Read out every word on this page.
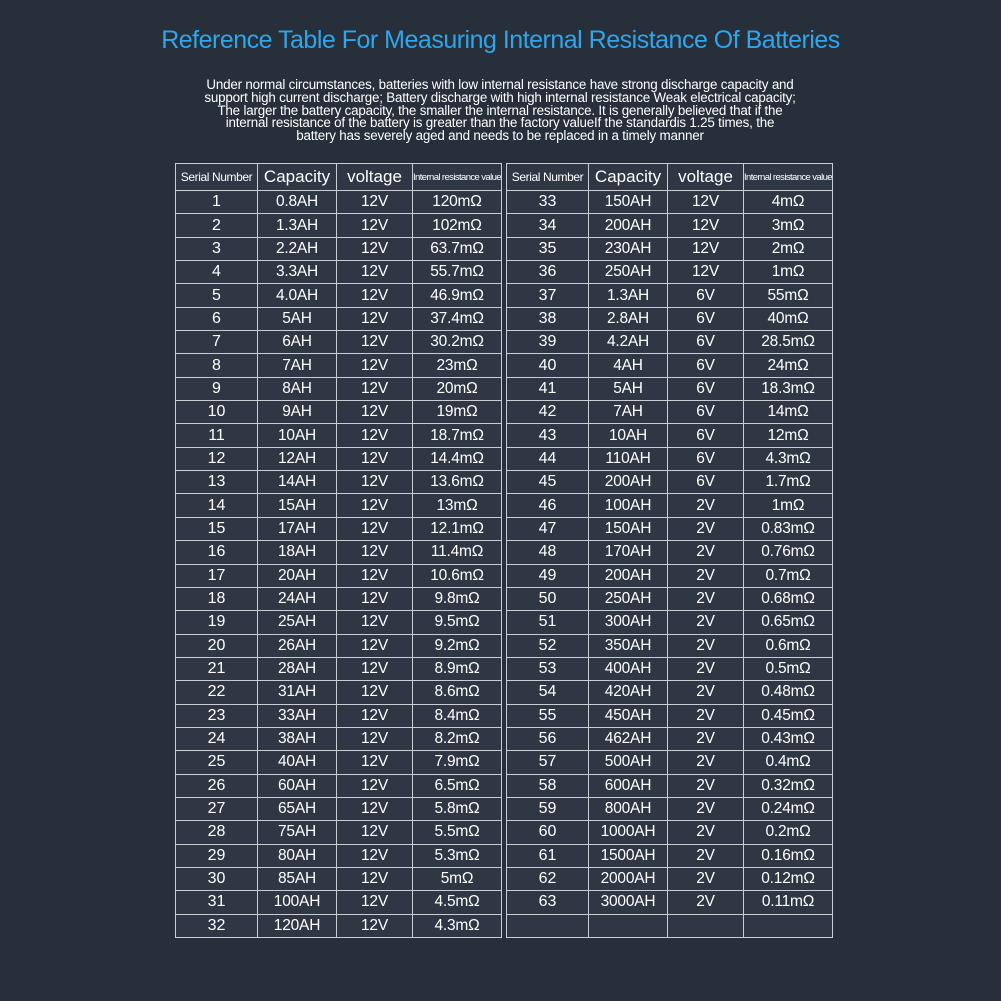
Reference Table For Measuring Internal Resistance Of Batteries
Under normal circumstances, batteries with low internal resistance have strong discharge capacity and
support high current discharge; Battery discharge with high internal resistance Weak electrical capacity;
The larger the battery capacity, the smaller the internal resistance. It is generally believed that if the
internal resistance of the battery is greater than the factory valueIf the standardis 1.25 times, the
battery has severely aged and needs to be replaced in a timely manner
Serial Number	Capacity	voltage	Internal resistance value
1	0.8AH	12V	120mΩ
2	1.3AH	12V	102mΩ
3	2.2AH	12V	63.7mΩ
4	3.3AH	12V	55.7mΩ
5	4.0AH	12V	46.9mΩ
6	5AH	12V	37.4mΩ
7	6AH	12V	30.2mΩ
8	7AH	12V	23mΩ
9	8AH	12V	20mΩ
10	9AH	12V	19mΩ
11	10AH	12V	18.7mΩ
12	12AH	12V	14.4mΩ
13	14AH	12V	13.6mΩ
14	15AH	12V	13mΩ
15	17AH	12V	12.1mΩ
16	18AH	12V	11.4mΩ
17	20AH	12V	10.6mΩ
18	24AH	12V	9.8mΩ
19	25AH	12V	9.5mΩ
20	26AH	12V	9.2mΩ
21	28AH	12V	8.9mΩ
22	31AH	12V	8.6mΩ
23	33AH	12V	8.4mΩ
24	38AH	12V	8.2mΩ
25	40AH	12V	7.9mΩ
26	60AH	12V	6.5mΩ
27	65AH	12V	5.8mΩ
28	75AH	12V	5.5mΩ
29	80AH	12V	5.3mΩ
30	85AH	12V	5mΩ
31	100AH	12V	4.5mΩ
32	120AH	12V	4.3mΩ
Serial Number	Capacity	voltage	Internal resistance value
33	150AH	12V	4mΩ
34	200AH	12V	3mΩ
35	230AH	12V	2mΩ
36	250AH	12V	1mΩ
37	1.3AH	6V	55mΩ
38	2.8AH	6V	40mΩ
39	4.2AH	6V	28.5mΩ
40	4AH	6V	24mΩ
41	5AH	6V	18.3mΩ
42	7AH	6V	14mΩ
43	10AH	6V	12mΩ
44	110AH	6V	4.3mΩ
45	200AH	6V	1.7mΩ
46	100AH	2V	1mΩ
47	150AH	2V	0.83mΩ
48	170AH	2V	0.76mΩ
49	200AH	2V	0.7mΩ
50	250AH	2V	0.68mΩ
51	300AH	2V	0.65mΩ
52	350AH	2V	0.6mΩ
53	400AH	2V	0.5mΩ
54	420AH	2V	0.48mΩ
55	450AH	2V	0.45mΩ
56	462AH	2V	0.43mΩ
57	500AH	2V	0.4mΩ
58	600AH	2V	0.32mΩ
59	800AH	2V	0.24mΩ
60	1000AH	2V	0.2mΩ
61	1500AH	2V	0.16mΩ
62	2000AH	2V	0.12mΩ
63	3000AH	2V	0.11mΩ
